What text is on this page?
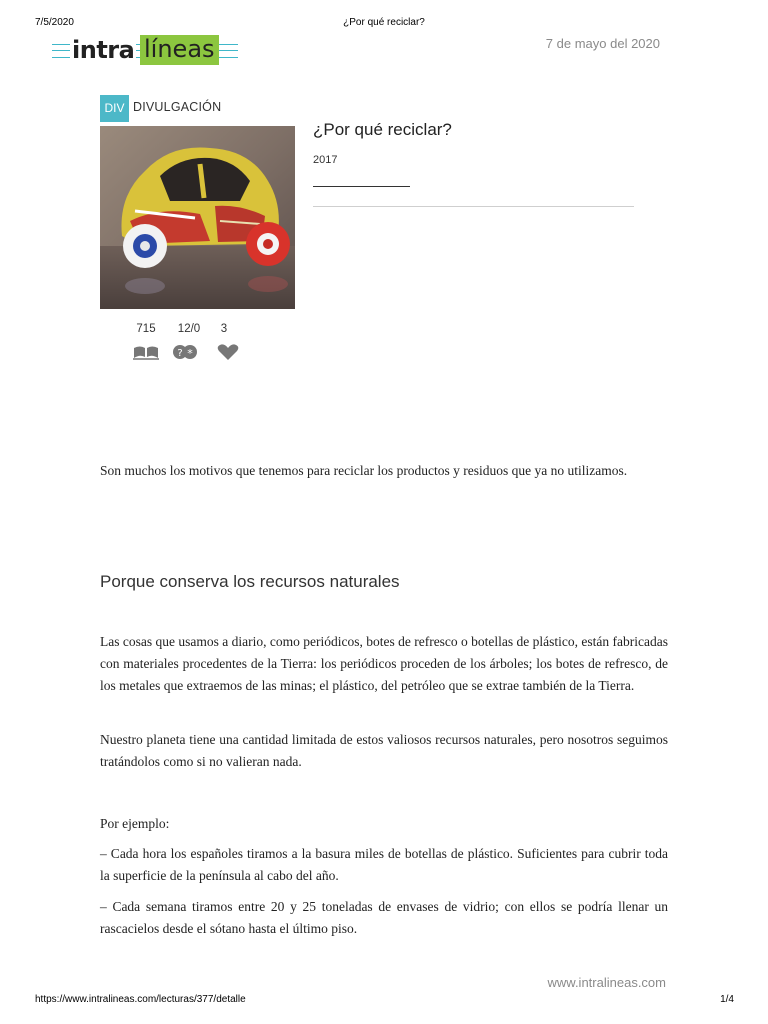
7/5/2020	¿Por qué reciclar?
intra líneas	7 de mayo del 2020
DIV DIVULGACIÓN
¿Por qué reciclar?
2017
715	12/0	3
? *

Son muchos los motivos que tenemos para reciclar los productos y residuos que ya no utilizamos.

Porque conserva los recursos naturales

Las cosas que usamos a diario, como periódicos, botes de refresco o botellas de plástico, están fabricadas con materiales procedentes de la Tierra: los periódicos proceden de los árboles; los botes de refresco, de los metales que extraemos de las minas; el plástico, del petróleo que se extrae también de la Tierra.

Nuestro planeta tiene una cantidad limitada de estos valiosos recursos naturales, pero nosotros seguimos tratándolos como si no valieran nada.

Por ejemplo:

– Cada hora los españoles tiramos a la basura miles de botellas de plástico. Suficientes para cubrir toda la superficie de la península al cabo del año.

– Cada semana tiramos entre 20 y 25 toneladas de envases de vidrio; con ellos se podría llenar un rascacielos desde el sótano hasta el último piso.

www.intralineas.com
https://www.intralineas.com/lecturas/377/detalle	1/4
